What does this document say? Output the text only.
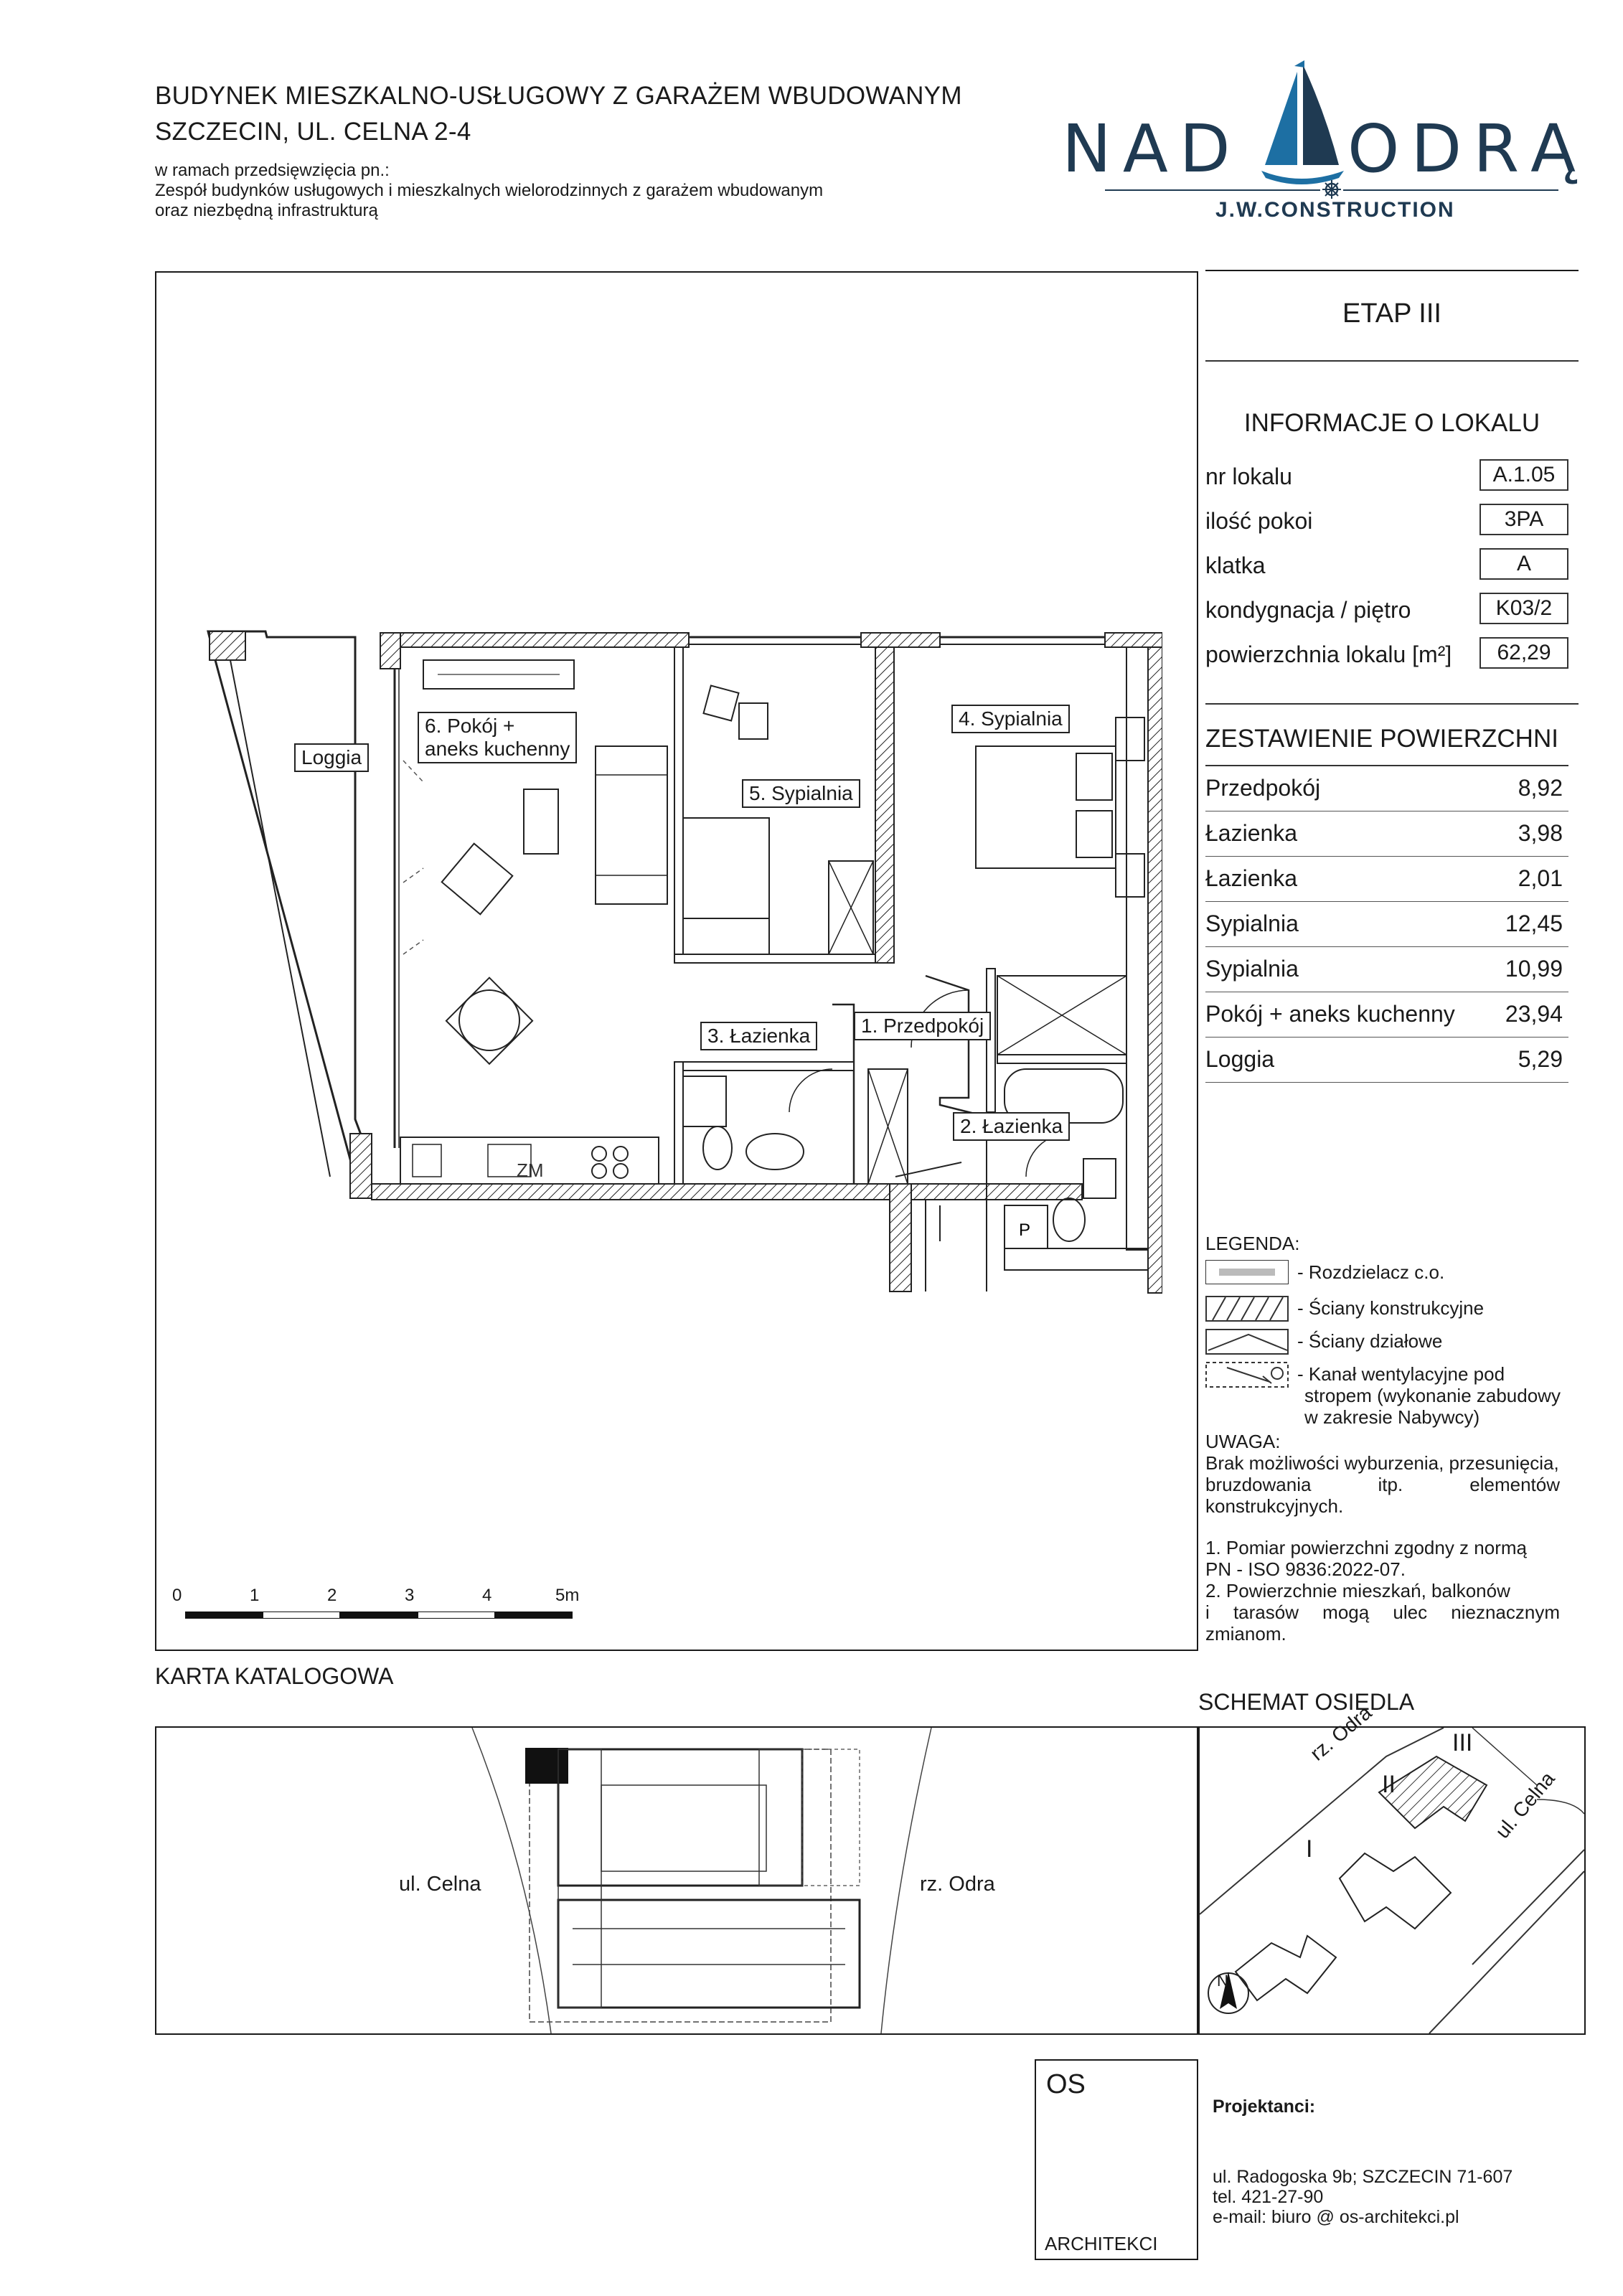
BUDYNEK MIESZKALNO-USŁUGOWY Z GARAŻEM WBUDOWANYM
SZCZECIN, UL. CELNA 2-4
w ramach przedsięwzięcia pn.:
Zespół budynków usługowych i mieszkalnych wielorodzinnych z garażem wbudowanym
oraz niezbędną infrastrukturą
NAD ODRĄ
J.W.CONSTRUCTION
P
ZM
Loggia
6. Pokój +
aneks kuchenny
5. Sypialnia
4. Sypialnia
3. Łazienka	1. Przedpokój
2. Łazienka
0	1	2	3	4	5m
ETAP III
INFORMACJE O LOKALU
nr lokalu	A.1.05
ilość pokoi	3PA
klatka	A
kondygnacja / piętro	K03/2
powierzchnia lokalu [m²]	62,29
ZESTAWIENIE POWIERZCHNI
Przedpokój	8,92
Łazienka	3,98
Łazienka	2,01
Sypialnia	12,45
Sypialnia	10,99
Pokój + aneks kuchenny 23,94
Loggia	5,29
LEGENDA:
- Rozdzielacz c.o.
- Ściany konstrukcyjne
- Ściany działowe
- Kanał wentylacyjne pod
stropem (wykonanie zabudowy
w zakresie Nabywcy)
UWAGA:
Brak możliwości wyburzenia, przesunięcia,
bruzdowania itp. elementów
konstrukcyjnych.
1. Pomiar powierzchni zgodny z normą
PN - ISO 9836:2022-07.
2. Powierzchnie mieszkań, balkonów
i tarasów mogą ulec nieznacznym
zmianom.
KARTA KATALOGOWA
SCHEMAT OSIEDLA
ul. Celna	rz. Odra
N
I
II
III
rz. Odra
ul. Celna
OS
ARCHITEKCI
Projektanci:
ul. Radogoska 9b; SZCZECIN 71-607
tel. 421-27-90
e-mail: biuro @ os-architekci.pl
